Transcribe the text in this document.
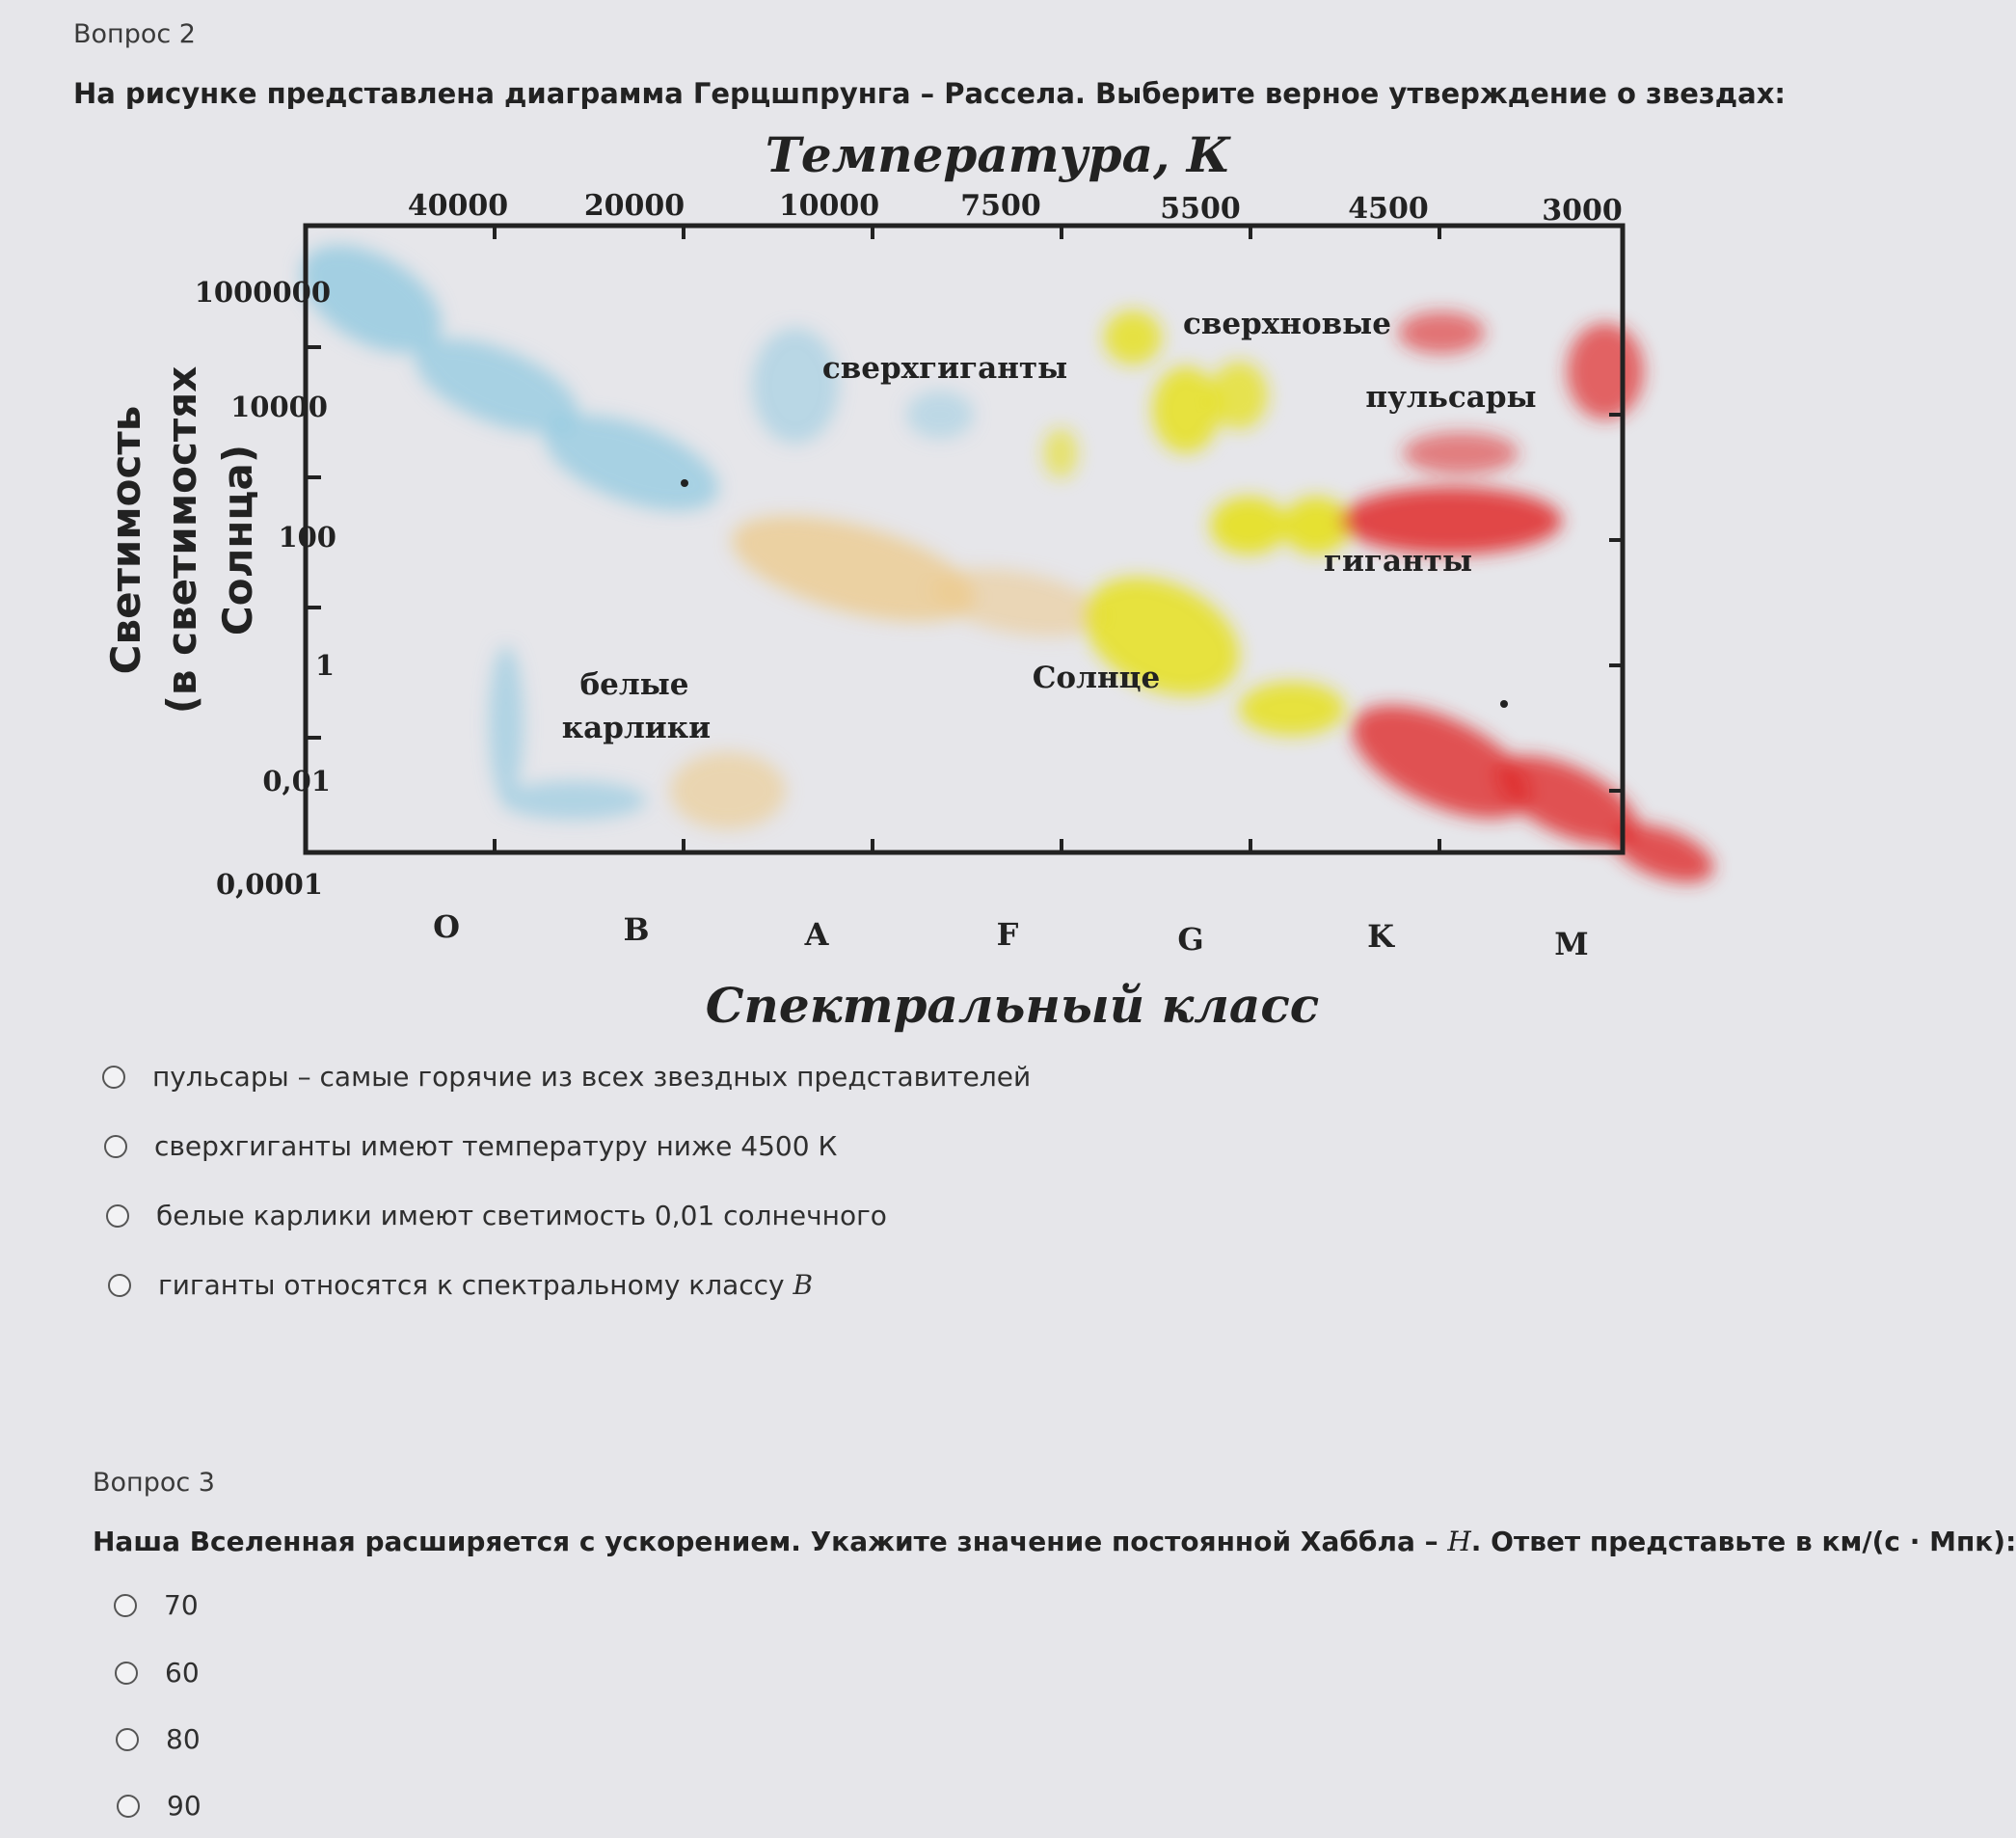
Вопрос 2
На рисунке представлена диаграмма Герцшпрунга – Рассела. Выберите верное утверждение о звездах:
Температура, К
Спектральный класс
Светимость (в светимостях Солнца)
40000	20000	10000	7500	5500	4500	3000
O	B	A	F	G	K	M
1000000
10000
100
1
0,01
0,0001
сверхгиганты
сверхновые
пульсары
гиганты
Солнце
белые
карлики
пульсары – самые горячие из всех звездных представителей
сверхгиганты имеют температуру ниже 4500 К
белые карлики имеют светимость 0,01 солнечного
гиганты относятся к спектральному классу B
Вопрос 3
Наша Вселенная расширяется с ускорением. Укажите значение постоянной Хаббла – H. Ответ представьте в км/(с · Мпк):
70
60
80
90
